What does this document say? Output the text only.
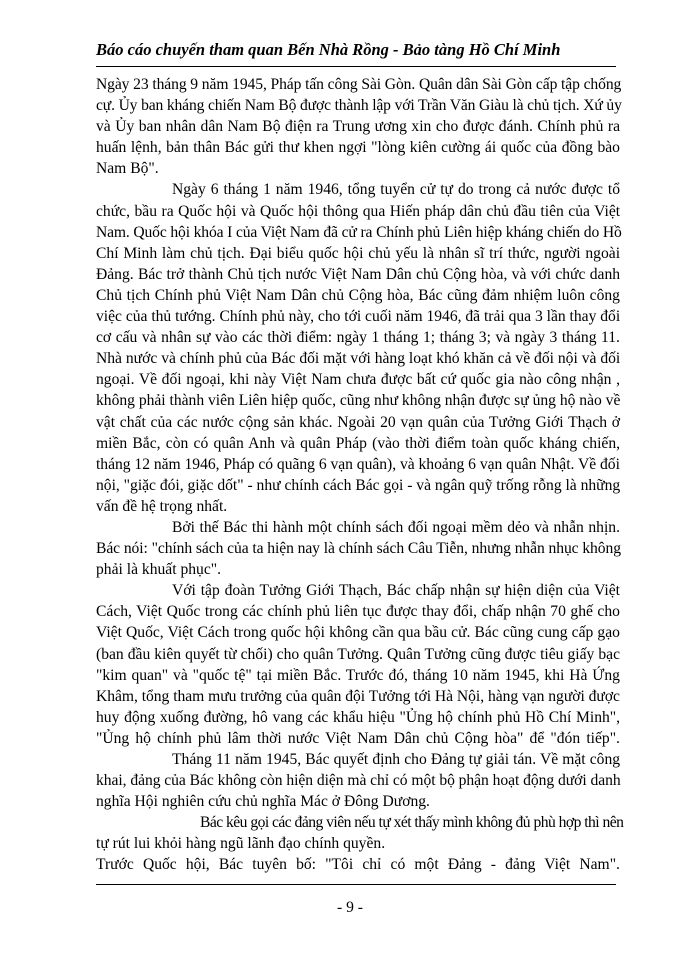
Báo cáo chuyến tham quan Bến Nhà Rồng - Bảo tàng Hồ Chí Minh
Ngày 23 tháng 9 năm 1945, Pháp tấn công Sài Gòn. Quân dân Sài Gòn cấp tập chống
cự. Ủy ban kháng chiến Nam Bộ được thành lập với Trần Văn Giàu là chủ tịch. Xứ ủy
và Ủy ban nhân dân Nam Bộ điện ra Trung ương xin cho được đánh. Chính phủ ra
huấn lệnh, bản thân Bác gửi thư khen ngợi "lòng kiên cường ái quốc của đồng bào
Nam Bộ".
Ngày 6 tháng 1 năm 1946, tổng tuyển cử tự do trong cả nước được tổ
chức, bầu ra Quốc hội và Quốc hội thông qua Hiến pháp dân chủ đầu tiên của Việt
Nam. Quốc hội khóa I của Việt Nam đã cử ra Chính phủ Liên hiệp kháng chiến do Hồ
Chí Minh làm chủ tịch. Đại biểu quốc hội chủ yếu là nhân sĩ trí thức, người ngoài
Đảng. Bác trở thành Chủ tịch nước Việt Nam Dân chủ Cộng hòa, và với chức danh
Chủ tịch Chính phủ Việt Nam Dân chủ Cộng hòa, Bác cũng đảm nhiệm luôn công
việc của thủ tướng. Chính phủ này, cho tới cuối năm 1946, đã trải qua 3 lần thay đổi
cơ cấu và nhân sự vào các thời điểm: ngày 1 tháng 1; tháng 3; và ngày 3 tháng 11.
Nhà nước và chính phủ của Bác đối mặt với hàng loạt khó khăn cả về đối nội và đối
ngoại. Về đối ngoại, khi này Việt Nam chưa được bất cứ quốc gia nào công nhận ,
không phải thành viên Liên hiệp quốc, cũng như không nhận được sự ủng hộ nào về
vật chất của các nước cộng sản khác. Ngoài 20 vạn quân của Tưởng Giới Thạch ở
miền Bắc, còn có quân Anh và quân Pháp (vào thời điểm toàn quốc kháng chiến,
tháng 12 năm 1946, Pháp có quãng 6 vạn quân), và khoảng 6 vạn quân Nhật. Về đối
nội, "giặc đói, giặc dốt" - như chính cách Bác gọi - và ngân quỹ trống rỗng là những
vấn đề hệ trọng nhất.
Bởi thế Bác thi hành một chính sách đối ngoại mềm dẻo và nhẫn nhịn.
Bác nói: "chính sách của ta hiện nay là chính sách Câu Tiễn, nhưng nhẫn nhục không
phải là khuất phục".
Với tập đoàn Tưởng Giới Thạch, Bác chấp nhận sự hiện diện của Việt
Cách, Việt Quốc trong các chính phủ liên tục được thay đổi, chấp nhận 70 ghế cho
Việt Quốc, Việt Cách trong quốc hội không cần qua bầu cử. Bác cũng cung cấp gạo
(ban đầu kiên quyết từ chối) cho quân Tưởng. Quân Tưởng cũng được tiêu giấy bạc
"kim quan" và "quốc tệ" tại miền Bắc. Trước đó, tháng 10 năm 1945, khi Hà Ứng
Khâm, tổng tham mưu trưởng của quân đội Tưởng tới Hà Nội, hàng vạn người được
huy động xuống đường, hô vang các khẩu hiệu "Ủng hộ chính phủ Hồ Chí Minh",
"Ủng hộ chính phủ lâm thời nước Việt Nam Dân chủ Cộng hòa" để "đón tiếp".
Tháng 11 năm 1945, Bác quyết định cho Đảng tự giải tán. Về mặt công
khai, đảng của Bác không còn hiện diện mà chỉ có một bộ phận hoạt động dưới danh
nghĩa Hội nghiên cứu chủ nghĩa Mác ở Đông Dương.
Bác kêu gọi các đảng viên nếu tự xét thấy mình không đủ phù hợp thì nên
tự rút lui khỏi hàng ngũ lãnh đạo chính quyền.
Trước Quốc hội, Bác tuyên bố: "Tôi chỉ có một Đảng - đảng Việt Nam".
- 9 -
